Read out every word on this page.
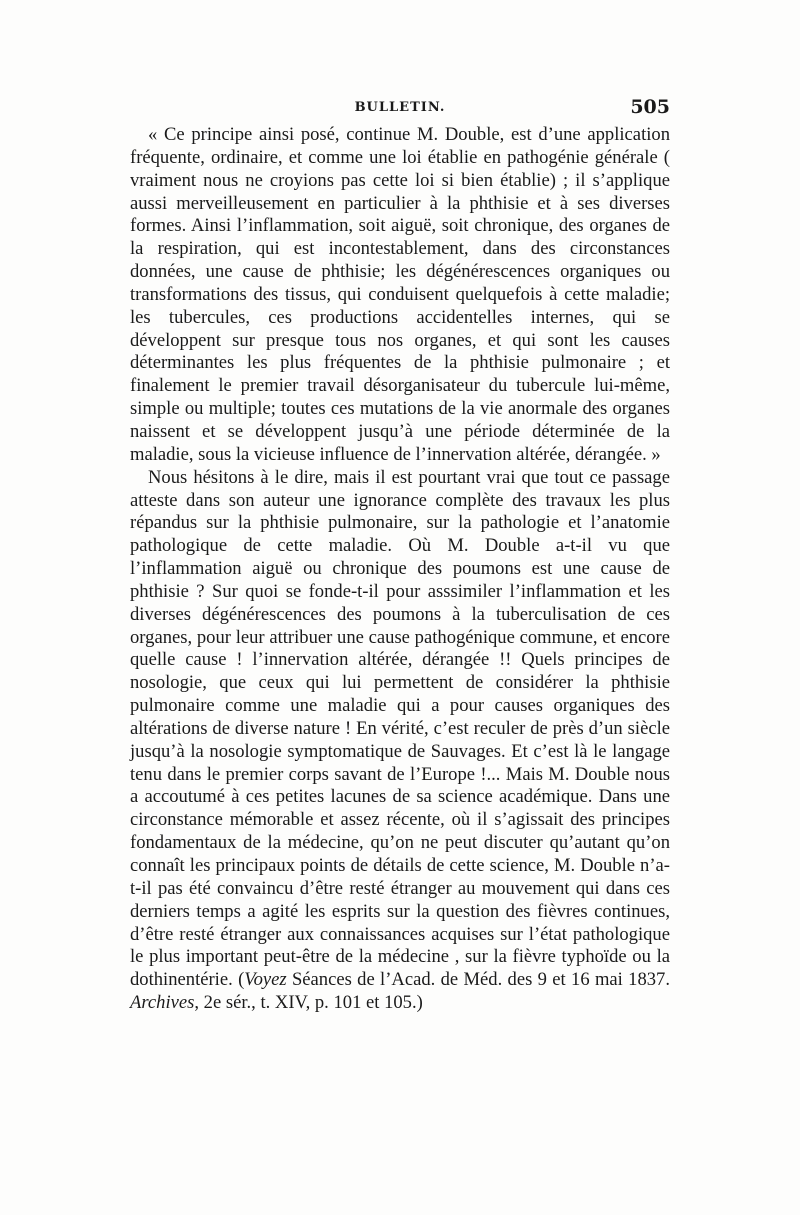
BULLETIN.	505

« Ce principe ainsi posé, continue M. Double, est d’une application fréquente, ordinaire, et comme une loi établie en pathogénie générale ( vraiment nous ne croyions pas cette loi si bien établie) ; il s’applique aussi merveilleusement en particulier à la phthisie et à ses diverses formes. Ainsi l’inflammation, soit aiguë, soit chronique, des organes de la respiration, qui est incontestablement, dans des circonstances données, une cause de phthisie; les dégénérescences organiques ou transformations des tissus, qui conduisent quelquefois à cette maladie; les tubercules, ces productions accidentelles internes, qui se développent sur presque tous nos organes, et qui sont les causes déterminantes les plus fréquentes de la phthisie pulmonaire ; et finalement le premier travail désorganisateur du tubercule lui-même, simple ou multiple; toutes ces mutations de la vie anormale des organes naissent et se développent jusqu’à une période déterminée de la maladie, sous la vicieuse influence de l’innervation altérée, dérangée. »

Nous hésitons à le dire, mais il est pourtant vrai que tout ce passage atteste dans son auteur une ignorance complète des travaux les plus répandus sur la phthisie pulmonaire, sur la pathologie et l’anatomie pathologique de cette maladie. Où M. Double a-t-il vu que l’inflammation aiguë ou chronique des poumons est une cause de phthisie ? Sur quoi se fonde-t-il pour asssimiler l’inflammation et les diverses dégénérescences des poumons à la tuberculisation de ces organes, pour leur attribuer une cause pathogénique commune, et encore quelle cause ! l’innervation altérée, dérangée !! Quels principes de nosologie, que ceux qui lui permettent de considérer la phthisie pulmonaire comme une maladie qui a pour causes organiques des altérations de diverse nature ! En vérité, c’est reculer de près d’un siècle jusqu’à la nosologie symptomatique de Sauvages. Et c’est là le langage tenu dans le premier corps savant de l’Europe !... Mais M. Double nous a accoutumé à ces petites lacunes de sa science académique. Dans une circonstance mémorable et assez récente, où il s’agissait des principes fondamentaux de la médecine, qu’on ne peut discuter qu’autant qu’on connaît les principaux points de détails de cette science, M. Double n’a-t-il pas été convaincu d’être resté étranger au mouvement qui dans ces derniers temps a agité les esprits sur la question des fièvres continues, d’être resté étranger aux connaissances acquises sur l’état pathologique le plus important peut-être de la médecine , sur la fièvre typhoïde ou la dothinentérie. (Voyez Séances de l’Acad. de Méd. des 9 et 16 mai 1837. Archives, 2e sér., t. XIV, p. 101 et 105.)
